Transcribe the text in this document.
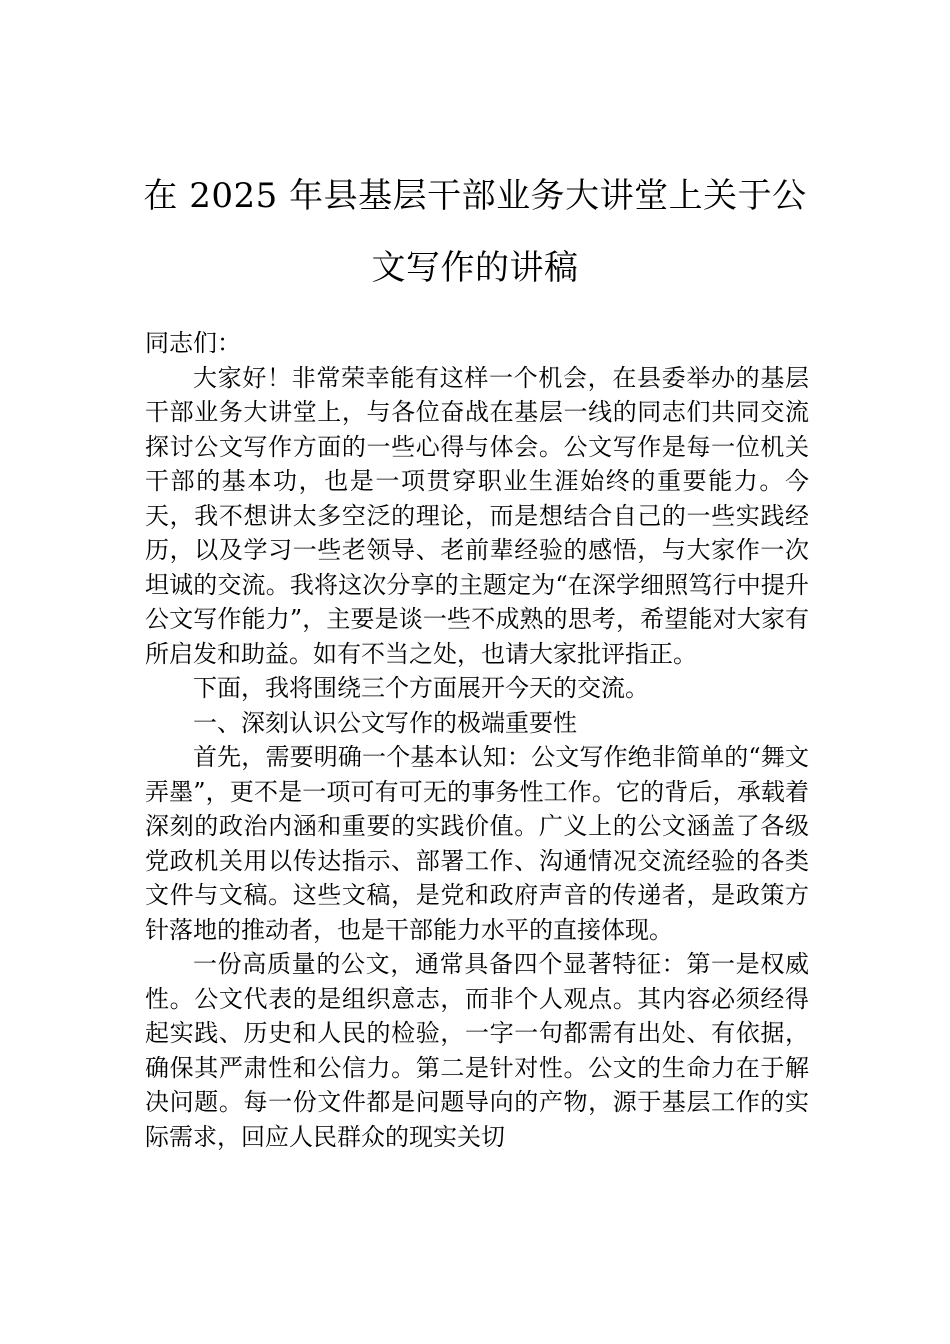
在 2025 年县基层干部业务大讲堂上关于公
文写作的讲稿

同志们：

大家好！非常荣幸能有这样一个机会，在县委举办的基层干部业务大讲堂上，与各位奋战在基层一线的同志们共同交流探讨公文写作方面的一些心得与体会。公文写作是每一位机关干部的基本功，也是一项贯穿职业生涯始终的重要能力。今天，我不想讲太多空泛的理论，而是想结合自己的一些实践经历，以及学习一些老领导、老前辈经验的感悟，与大家作一次坦诚的交流。我将这次分享的主题定为“在深学细照笃行中提升公文写作能力”，主要是谈一些不成熟的思考，希望能对大家有所启发和助益。如有不当之处，也请大家批评指正。

下面，我将围绕三个方面展开今天的交流。

一、深刻认识公文写作的极端重要性

首先，需要明确一个基本认知：公文写作绝非简单的“舞文弄墨”，更不是一项可有可无的事务性工作。它的背后，承载着深刻的政治内涵和重要的实践价值。广义上的公文涵盖了各级党政机关用以传达指示、部署工作、沟通情况交流经验的各类文件与文稿。这些文稿，是党和政府声音的传递者，是政策方针落地的推动者，也是干部能力水平的直接体现。

一份高质量的公文，通常具备四个显著特征：第一是权威性。公文代表的是组织意志，而非个人观点。其内容必须经得起实践、历史和人民的检验，一字一句都需有出处、有依据，确保其严肃性和公信力。第二是针对性。公文的生命力在于解决问题。每一份文件都是问题导向的产物，源于基层工作的实际需求，回应人民群众的现实关切
